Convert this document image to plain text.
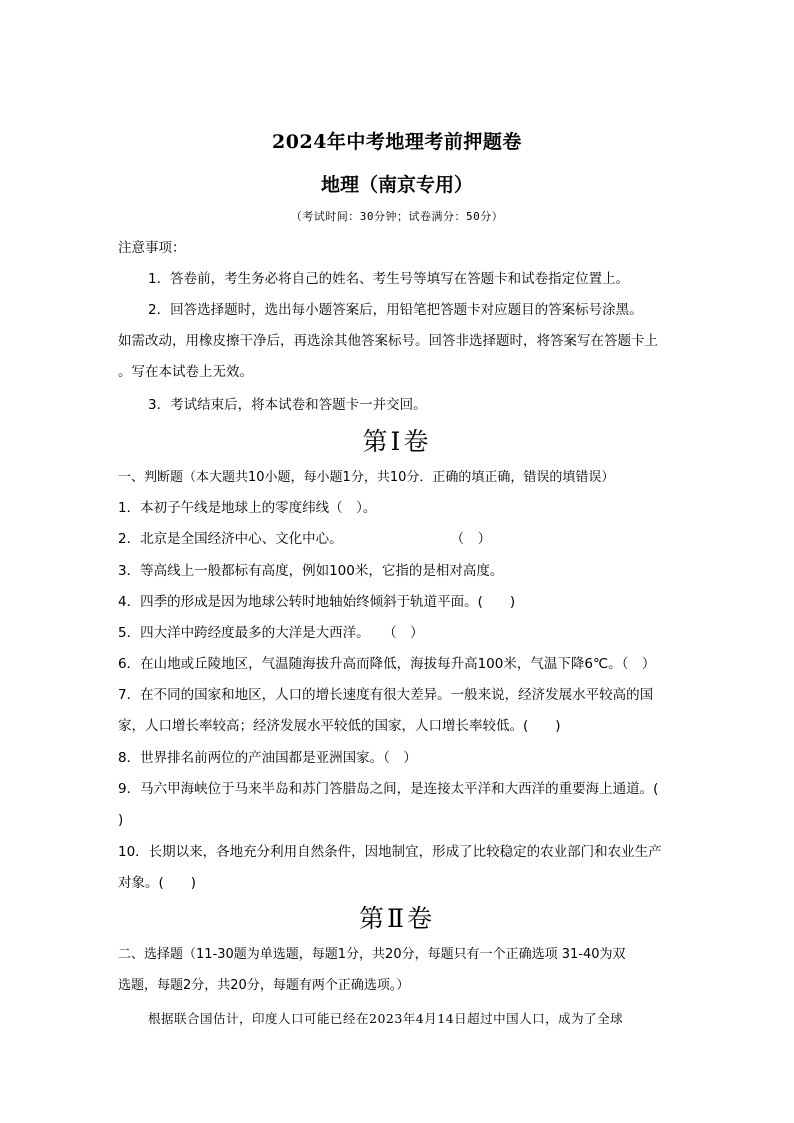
2024年中考地理考前押题卷
地理（南京专用）
（考试时间：30分钟；试卷满分：50分）
注意事项：
1．答卷前，考生务必将自己的姓名、考生号等填写在答题卡和试卷指定位置上。
2．回答选择题时，选出每小题答案后，用铅笔把答题卡对应题目的答案标号涂黑。
如需改动，用橡皮擦干净后，再选涂其他答案标号。回答非选择题时，将答案写在答题卡上
。写在本试卷上无效。
3．考试结束后，将本试卷和答题卡一并交回。
第Ⅰ卷
一、判断题（本大题共10小题，每小题1分，共10分．正确的填正确，错误的填错误）
1．本初子午线是地球上的零度纬线（　）。
2．北京是全国经济中心、文化中心。　　　　　　　　　（　）
3．等高线上一般都标有高度，例如100米，它指的是相对高度。
4．四季的形成是因为地球公转时地轴始终倾斜于轨道平面。(　　)
5．四大洋中跨经度最多的大洋是大西洋。　　（　）
6．在山地或丘陵地区，气温随海拔升高而降低，海拔每升高100米，气温下降6℃。（　）
7．在不同的国家和地区，人口的增长速度有很大差异。一般来说，经济发展水平较高的国
家，人口增长率较高；经济发展水平较低的国家，人口增长率较低。(　　)
8．世界排名前两位的产油国都是亚洲国家。（　）
9．马六甲海峡位于马来半岛和苏门答腊岛之间，是连接太平洋和大西洋的重要海上通道。(
)
10．长期以来，各地充分利用自然条件，因地制宜，形成了比较稳定的农业部门和农业生产
对象。(　　)
第Ⅱ卷
二、选择题（11-30题为单选题，每题1分，共20分，每题只有一个正确选项 31-40为双
选题，每题2分，共20分，每题有两个正确选项。）
根据联合国估计，印度人口可能已经在2023年4月14日超过中国人口，成为了全球
